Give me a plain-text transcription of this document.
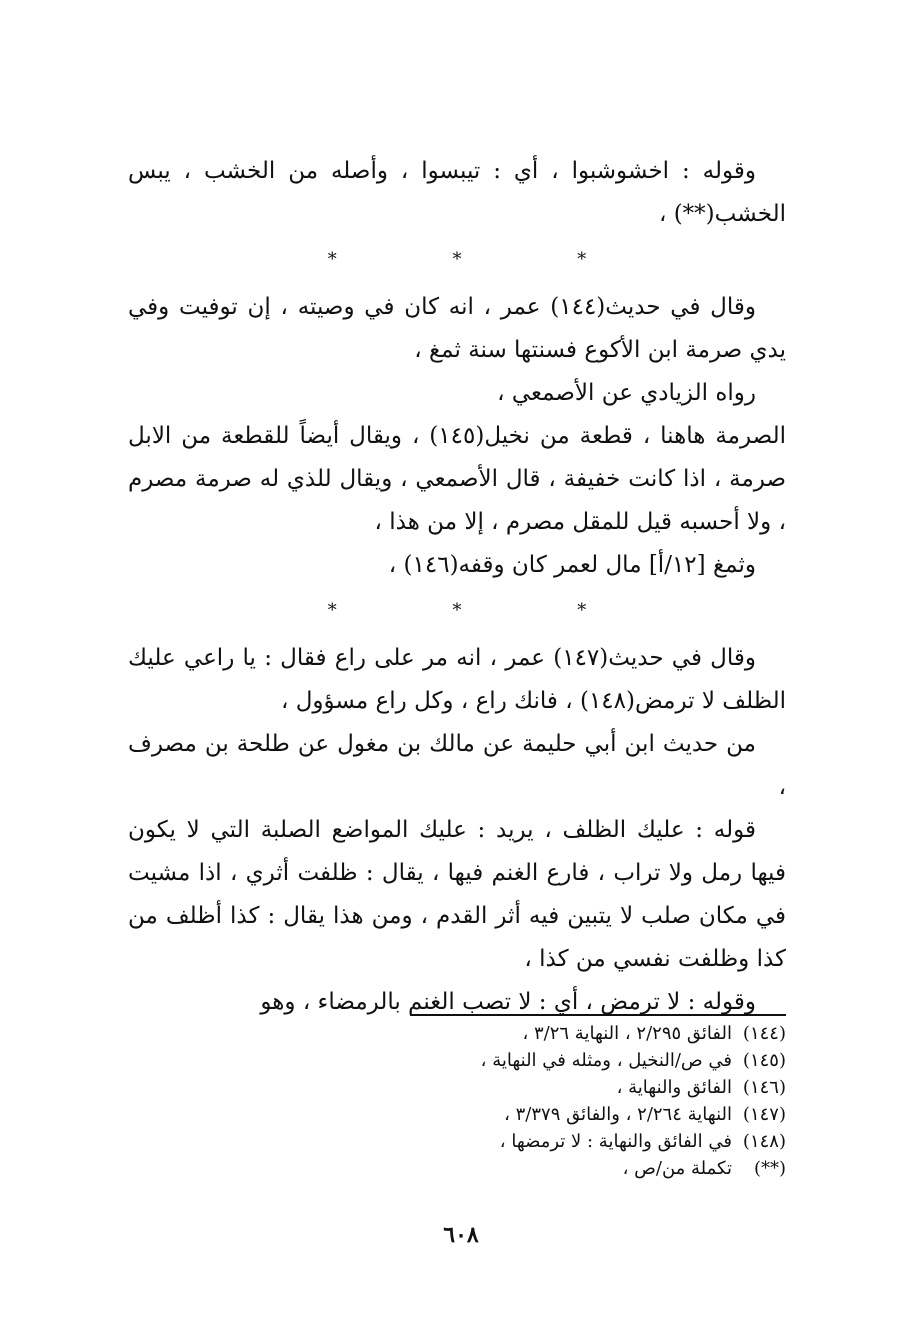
وقوله : اخشوشبوا ، أي : تيبسوا ، وأصله من الخشب ، يبس الخشب(**) ،

* * *

وقال في حديث(١٤٤) عمر ، انه كان في وصيته ، إن توفيت وفي يدي صرمة ابن الأكوع فسنتها سنة ثمغ ،

رواه الزيادي عن الأصمعي ،

الصرمة هاهنا ، قطعة من نخيل(١٤٥) ، ويقال أيضاً للقطعة من الابل صرمة ، اذا كانت خفيفة ، قال الأصمعي ، ويقال للذي له صرمة مصرم ، ولا أحسبه قيل للمقل مصرم ، إلا من هذا ،

وثمغ [١٢/أ] مال لعمر كان وقفه(١٤٦) ،

* * *

وقال في حديث(١٤٧) عمر ، انه مر على راع فقال : يا راعي عليك الظلف لا ترمض(١٤٨) ، فانك راع ، وكل راع مسؤول ،

من حديث ابن أبي حليمة عن مالك بن مغول عن طلحة بن مصرف ،

قوله : عليك الظلف ، يريد : عليك المواضع الصلبة التي لا يكون فيها رمل ولا تراب ، فارع الغنم فيها ، يقال : ظلفت أثري ، اذا مشيت في مكان صلب لا يتبين فيه أثر القدم ، ومن هذا يقال : كذا أظلف من كذا وظلفت نفسي من كذا ،

وقوله : لا ترمض ، أي : لا تصب الغنم بالرمضاء ، وهو

(١٤٤)
الفائق ٢/٢٩٥ ، النهاية ٣/٢٦ ،
(١٤٥)
في ص/النخيل ، ومثله في النهاية ،
(١٤٦)
الفائق والنهاية ،
(١٤٧)
النهاية ٢/٢٦٤ ، والفائق ٣/٣٧٩ ،
(١٤٨)
في الفائق والنهاية : لا ترمضها ،
(**)
تكملة من/ص ،
٦٠٨
